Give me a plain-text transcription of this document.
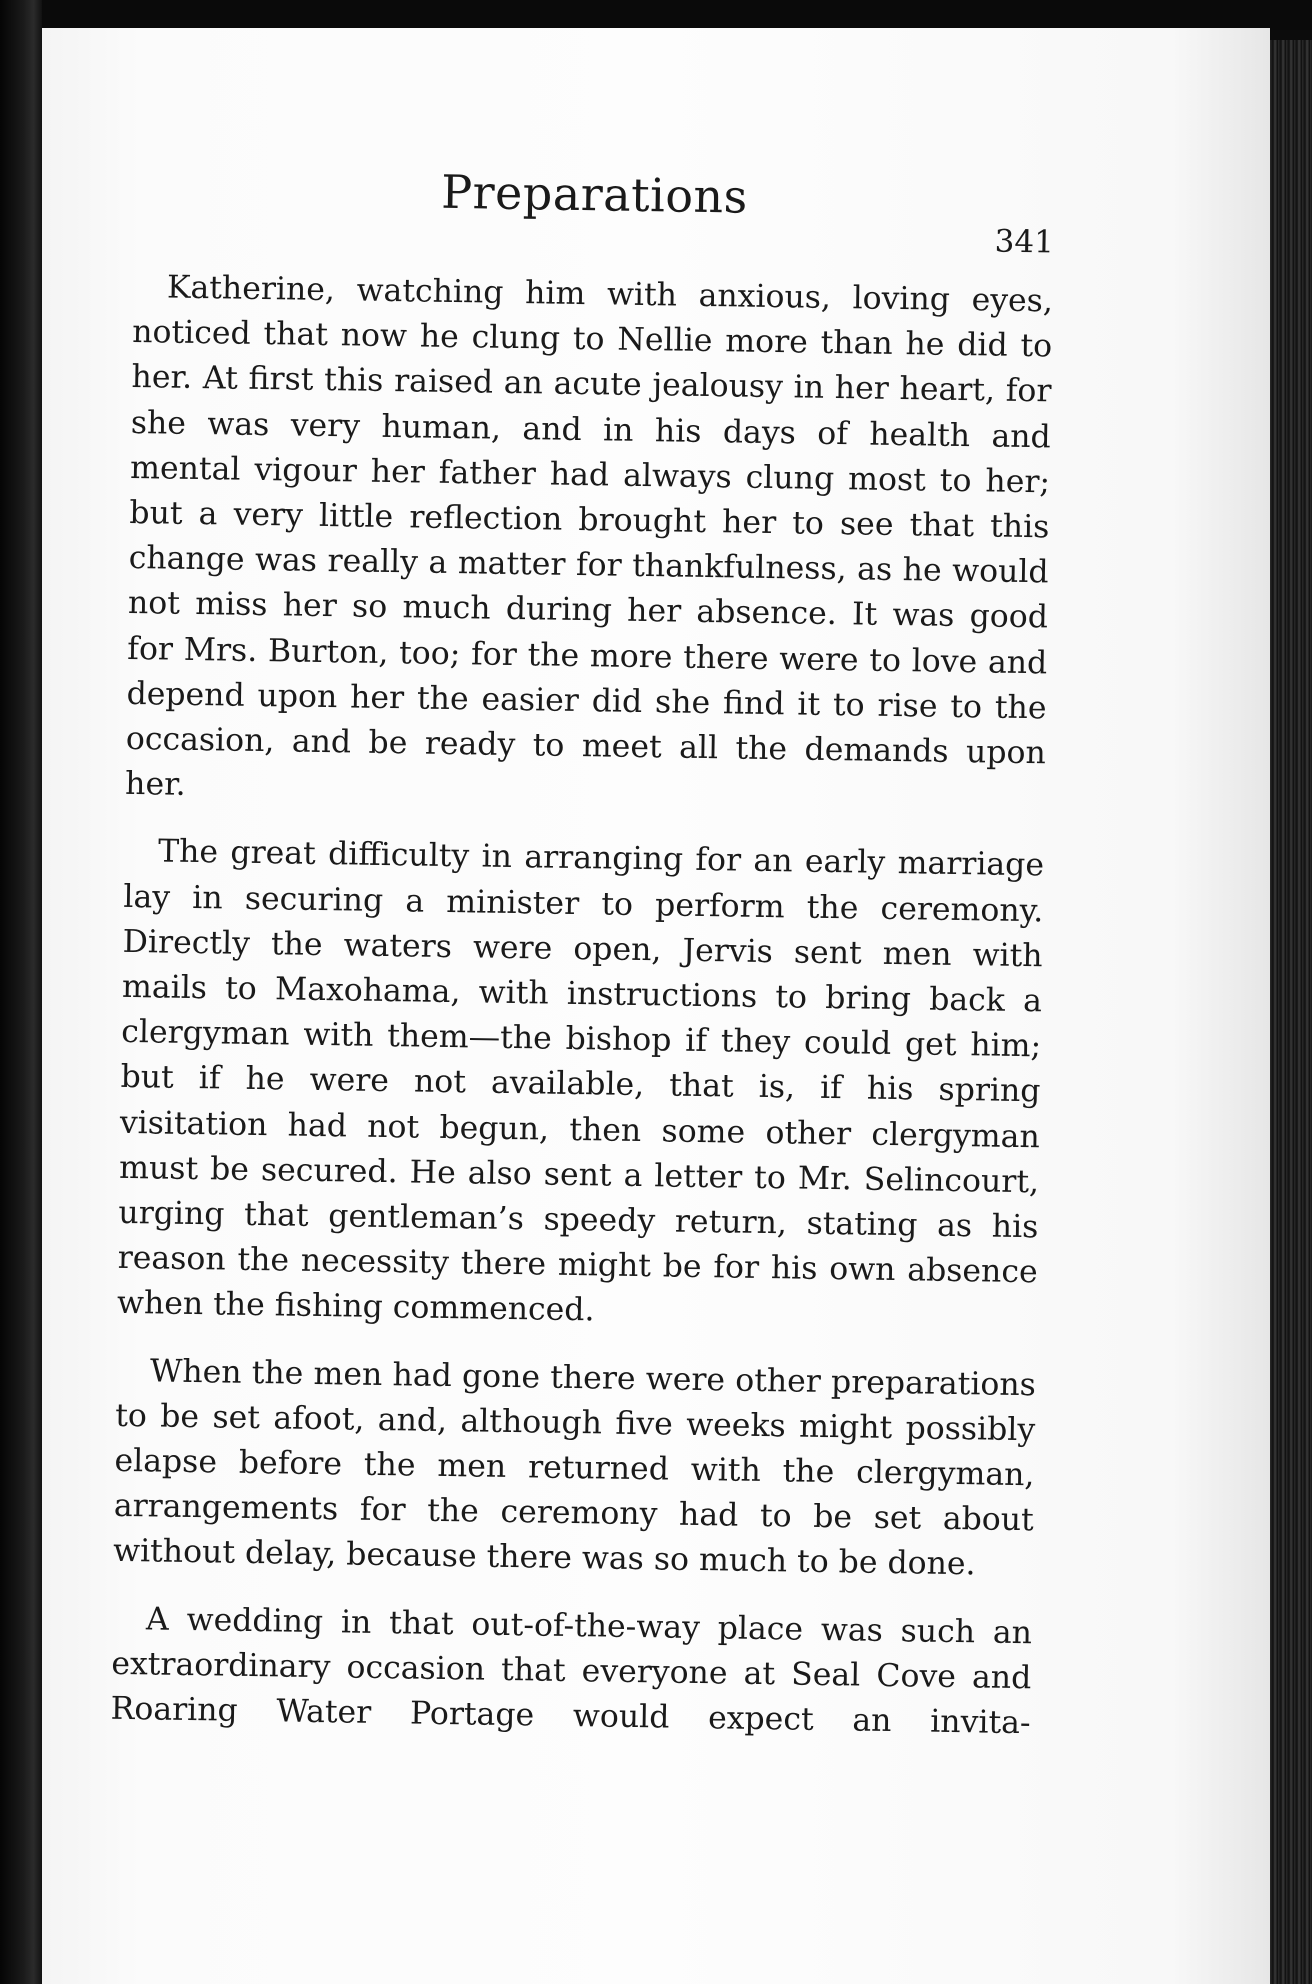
Preparations
341

Katherine, watching him with anxious, loving eyes, noticed that now he clung to Nellie more than he did to her. At first this raised an acute jealousy in her heart, for she was very human, and in his days of health and mental vigour her father had always clung most to her; but a very little reflection brought her to see that this change was really a matter for thankfulness, as he would not miss her so much during her absence. It was good for Mrs. Burton, too; for the more there were to love and depend upon her the easier did she find it to rise to the occasion, and be ready to meet all the demands upon her.

The great difficulty in arranging for an early marriage lay in securing a minister to perform the ceremony. Directly the waters were open, Jervis sent men with mails to Maxohama, with instructions to bring back a clergyman with them—the bishop if they could get him; but if he were not available, that is, if his spring visitation had not begun, then some other clergyman must be secured. He also sent a letter to Mr. Selincourt, urging that gentleman’s speedy return, stating as his reason the necessity there might be for his own absence when the fishing commenced.

When the men had gone there were other preparations to be set afoot, and, although five weeks might possibly elapse before the men returned with the clergyman, arrangements for the ceremony had to be set about without delay, because there was so much to be done.

A wedding in that out-of-the-way place was such an extraordinary occasion that everyone at Seal Cove and Roaring Water Portage would expect an invita-
